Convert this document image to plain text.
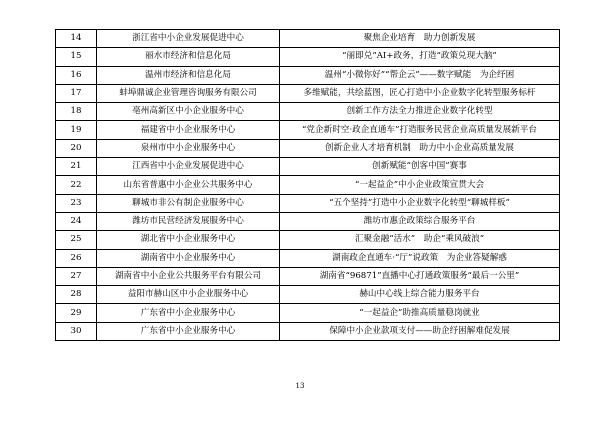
14	浙江省中小企业发展促进中心	聚焦企业培育　助力创新发展
15	丽水市经济和信息化局	“丽即兑”AI+政务，打造“政策兑现大脑”
16	温州市经济和信息化局	温州“小微你好”“帮企云”——数字赋能　为企纾困
17	蚌埠鼎诚企业管理咨询服务有限公司	多维赋能，共绘蓝图，匠心打造中小企业数字化转型服务标杆
18	亳州高新区中小企业服务中心	创新工作方法全力推进企业数字化转型
19	福建省中小企业服务中心	“党企新时空·政企直通车”打造服务民营企业高质量发展新平台
20	泉州市中小企业服务中心	创新企业人才培育机制　助力中小企业高质量发展
21	江西省中小企业发展促进中心	创新赋能“创客中国”赛事
22	山东省普惠中小企业公共服务中心	“一起益企”中小企业政策宣贯大会
23	聊城市非公有制企业服务中心	“五个坚持”打造中小企业数字化转型“聊城样板”
24	潍坊市民营经济发展服务中心	潍坊市惠企政策综合服务平台
25	湖北省中小企业服务中心	汇聚金融“活水”　助企“乘风破浪”
26	湖南省中小企业服务中心	湖南政企直通车·“厅”说政策　为企业答疑解惑
27	湖南省中小企业公共服务平台有限公司	湖南省“96871”直播中心打通政策服务“最后一公里”
28	益阳市赫山区中小企业服务中心	赫山中心线上综合能力服务平台
29	广东省中小企业服务中心	“一起益企”助推高质量稳岗就业
30	广东省中小企业服务中心	保障中小企业款项支付——助企纾困解难促发展
13
